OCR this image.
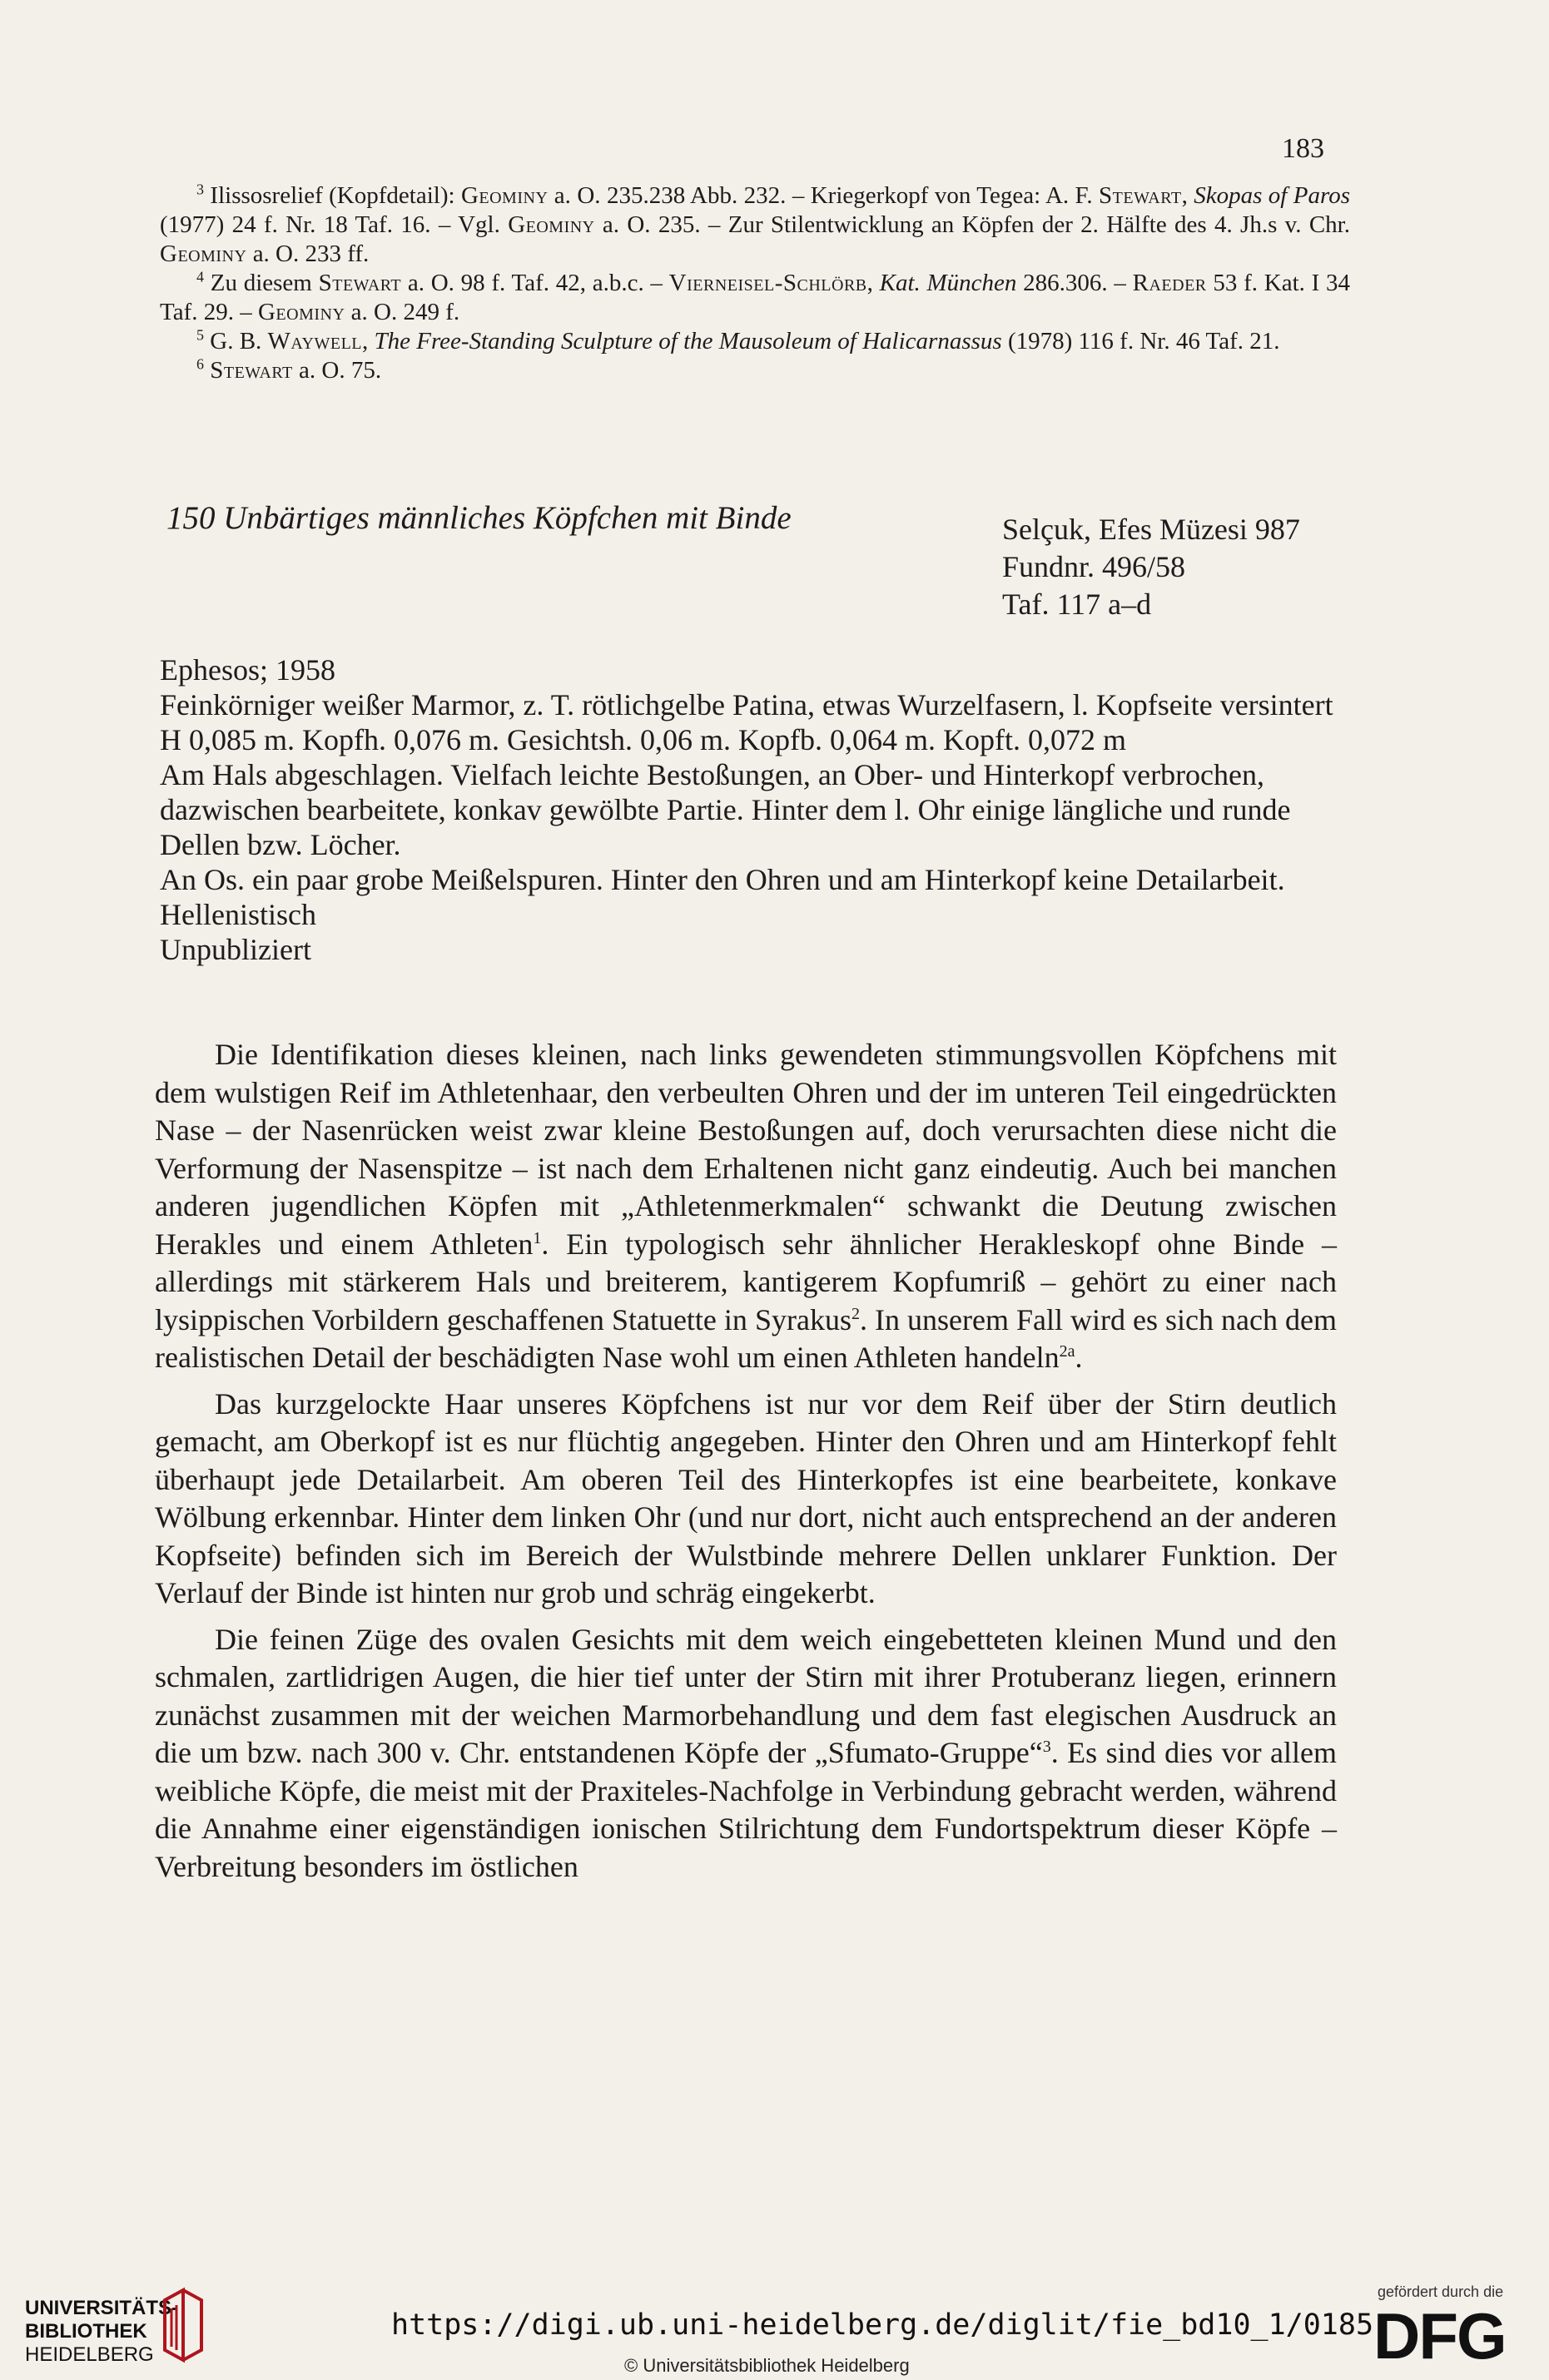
183
$^3$ Ilissosrelief (Kopfdetail): Geominy a. O. 235.238 Abb. 232. – Kriegerkopf von Tegea: A. F. Stewart, Skopas of Paros (1977) 24 f. Nr. 18 Taf. 16. – Vgl. Geominy a. O. 235. – Zur Stilentwicklung an Köpfen der 2. Hälfte des 4. Jh.s v. Chr. Geominy a. O. 233 ff.
$^4$ Zu diesem Stewart a. O. 98 f. Taf. 42, a.b.c. – Vierneisel-Schlörb, Kat. München 286.306. – Raeder 53 f. Kat. I 34 Taf. 29. – Geominy a. O. 249 f.
$^5$ G. B. Waywell, The Free-Standing Sculpture of the Mausoleum of Halicarnassus (1978) 116 f. Nr. 46 Taf. 21.
$^6$ Stewart a. O. 75.
150 Unbärtiges männliches Köpfchen mit Binde	Selçuk, Efes Müzesi 987
Fundnr. 496/58
Taf. 117 a–d

Ephesos; 1958

Feinkörniger weißer Marmor, z. T. rötlichgelbe Patina, etwas Wurzelfasern, l. Kopfseite versintert

H 0,085 m. Kopfh. 0,076 m. Gesichtsh. 0,06 m. Kopfb. 0,064 m. Kopft. 0,072 m

Am Hals abgeschlagen. Vielfach leichte Bestoßungen, an Ober- und Hinterkopf verbrochen, dazwischen bearbeitete, konkav gewölbte Partie. Hinter dem l. Ohr einige längliche und runde Dellen bzw. Löcher.

An Os. ein paar grobe Meißelspuren. Hinter den Ohren und am Hinterkopf keine Detailarbeit.

Hellenistisch

Unpubliziert

Die Identifikation dieses kleinen, nach links gewendeten stimmungsvollen Köpfchens mit dem wulstigen Reif im Athletenhaar, den verbeulten Ohren und der im unteren Teil eingedrückten Nase – der Nasenrücken weist zwar kleine Bestoßungen auf, doch verursachten diese nicht die Verformung der Nasenspitze – ist nach dem Erhaltenen nicht ganz eindeutig. Auch bei manchen anderen jugendlichen Köpfen mit „Athletenmerkmalen“ schwankt die Deutung zwischen Herakles und einem Athleten$^1$. Ein typologisch sehr ähnlicher Herakleskopf ohne Binde – allerdings mit stärkerem Hals und breiterem, kantigerem Kopfumriß – gehört zu einer nach lysippischen Vorbildern geschaffenen Statuette in Syrakus$^2$. In unserem Fall wird es sich nach dem realistischen Detail der beschädigten Nase wohl um einen Athleten handeln$^{2a}$.

Das kurzgelockte Haar unseres Köpfchens ist nur vor dem Reif über der Stirn deutlich gemacht, am Oberkopf ist es nur flüchtig angegeben. Hinter den Ohren und am Hinterkopf fehlt überhaupt jede Detailarbeit. Am oberen Teil des Hinterkopfes ist eine bearbeitete, konkave Wölbung erkennbar. Hinter dem linken Ohr (und nur dort, nicht auch entsprechend an der anderen Kopfseite) befinden sich im Bereich der Wulstbinde mehrere Dellen unklarer Funktion. Der Verlauf der Binde ist hinten nur grob und schräg eingekerbt.

Die feinen Züge des ovalen Gesichts mit dem weich eingebetteten kleinen Mund und den schmalen, zartlidrigen Augen, die hier tief unter der Stirn mit ihrer Protuberanz liegen, erinnern zunächst zusammen mit der weichen Marmorbehandlung und dem fast elegischen Ausdruck an die um bzw. nach 300 v. Chr. entstandenen Köpfe der „Sfumato-Gruppe“$^3$. Es sind dies vor allem weibliche Köpfe, die meist mit der Praxiteles-Nachfolge in Verbindung gebracht werden, während die Annahme einer eigenständigen ionischen Stilrichtung dem Fundortspektrum dieser Köpfe – Verbreitung besonders im östlichen

UNIVERSITÄTS-
BIBLIOTHEK
HEIDELBERG
https://digi.ub.uni-heidelberg.de/diglit/fie_bd10_1/0185
© Universitätsbibliothek Heidelberg
gefördert durch die
DFG
